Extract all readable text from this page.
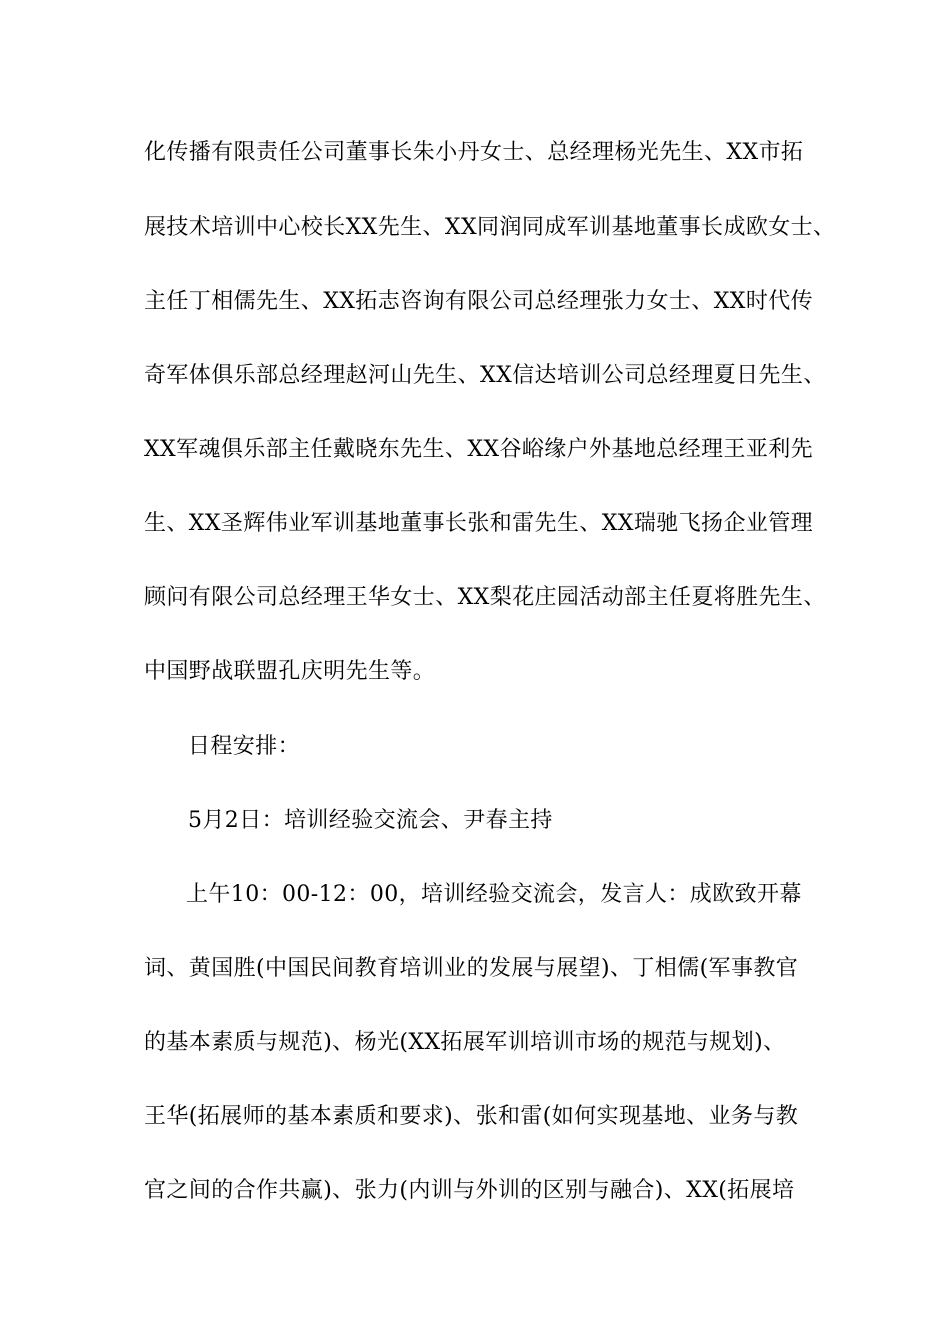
化传播有限责任公司董事长朱小丹女士、总经理杨光先生、XX市拓
展技术培训中心校长XX先生、XX同润同成军训基地董事长成欧女士、
主任丁相儒先生、XX拓志咨询有限公司总经理张力女士、XX时代传
奇军体俱乐部总经理赵河山先生、XX信达培训公司总经理夏日先生、
XX军魂俱乐部主任戴晓东先生、XX谷峪缘户外基地总经理王亚利先
生、XX圣辉伟业军训基地董事长张和雷先生、XX瑞驰飞扬企业管理
顾问有限公司总经理王华女士、XX梨花庄园活动部主任夏将胜先生、
中国野战联盟孔庆明先生等。
日程安排：
5月2日：培训经验交流会、尹春主持
上午10：00-12：00，培训经验交流会，发言人：成欧致开幕
词、黄国胜(中国民间教育培训业的发展与展望)、丁相儒(军事教官
的基本素质与规范)、杨光(XX拓展军训培训市场的规范与规划)、
王华(拓展师的基本素质和要求)、张和雷(如何实现基地、业务与教
官之间的合作共赢)、张力(内训与外训的区别与融合)、XX(拓展培
